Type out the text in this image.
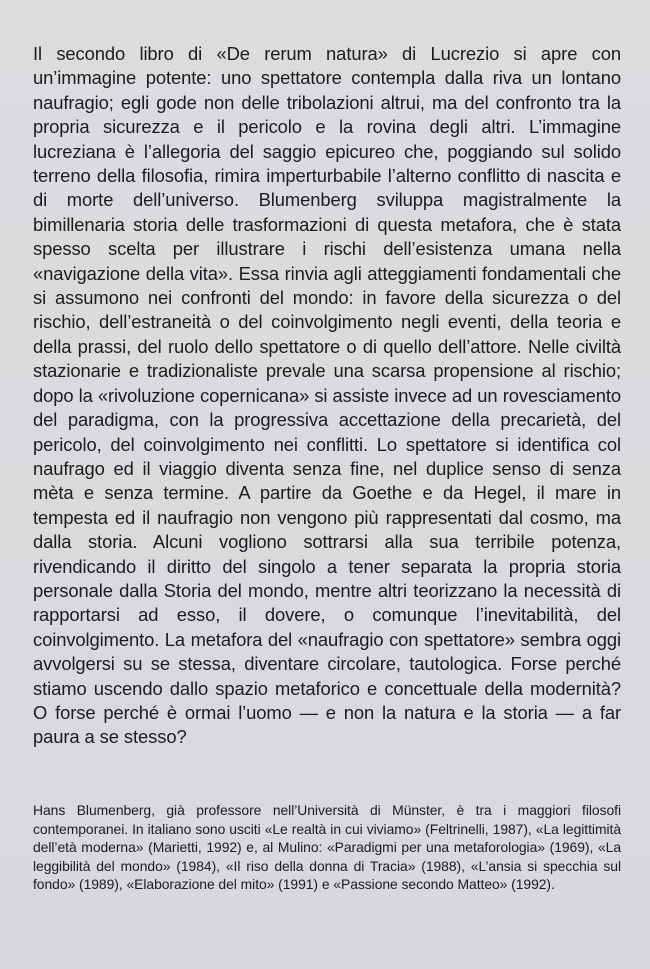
Il secondo libro di «De rerum natura» di Lucrezio si apre con un’immagine potente: uno spettatore contempla dalla riva un lontano naufragio; egli gode non delle tribolazioni altrui, ma del confronto tra la propria sicurezza e il pericolo e la rovina degli altri. L’immagine lucreziana è l’allegoria del saggio epicureo che, poggiando sul solido terreno della filosofia, rimira imperturbabile l’alterno conflitto di nascita e di morte dell’universo. Blumenberg sviluppa magistralmente la bimillenaria storia delle trasformazioni di questa metafora, che è stata spesso scelta per illustrare i rischi dell’esistenza umana nella «navigazione della vita». Essa rinvia agli atteggiamenti fondamentali che si assumono nei confronti del mondo: in favore della sicurezza o del rischio, dell’estraneità o del coinvolgimento negli eventi, della teoria e della prassi, del ruolo dello spettatore o di quello dell’attore. Nelle civiltà stazionarie e tradizionaliste prevale una scarsa propensione al rischio; dopo la «rivoluzione copernicana» si assiste invece ad un rovesciamento del paradigma, con la progressiva accettazione della precarietà, del pericolo, del coinvolgimento nei conflitti. Lo spettatore si identifica col naufrago ed il viaggio diventa senza fine, nel duplice senso di senza mèta e senza termine. A partire da Goethe e da Hegel, il mare in tempesta ed il naufragio non vengono più rappresentati dal cosmo, ma dalla storia. Alcuni vogliono sottrarsi alla sua terribile potenza, rivendicando il diritto del singolo a tener separata la propria storia personale dalla Storia del mondo, mentre altri teorizzano la necessità di rapportarsi ad esso, il dovere, o comunque l’inevitabilità, del coinvolgimento. La metafora del «naufragio con spettatore» sembra oggi avvolgersi su se stessa, diventare circolare, tautologica. Forse perché stiamo uscendo dallo spazio metaforico e concettuale della modernità? O forse perché è ormai l’uomo — e non la natura e la storia — a far paura a se stesso?

Hans Blumenberg, già professore nell’Università di Münster, è tra i maggiori filosofi contemporanei. In italiano sono usciti «Le realtà in cui viviamo» (Feltrinelli, 1987), «La legittimità dell’età moderna» (Marietti, 1992) e, al Mulino: «Paradigmi per una metaforologia» (1969), «La leggibilità del mondo» (1984), «Il riso della donna di Tracia» (1988), «L’ansia si specchia sul fondo» (1989), «Elaborazione del mito» (1991) e «Passione secondo Matteo» (1992).
